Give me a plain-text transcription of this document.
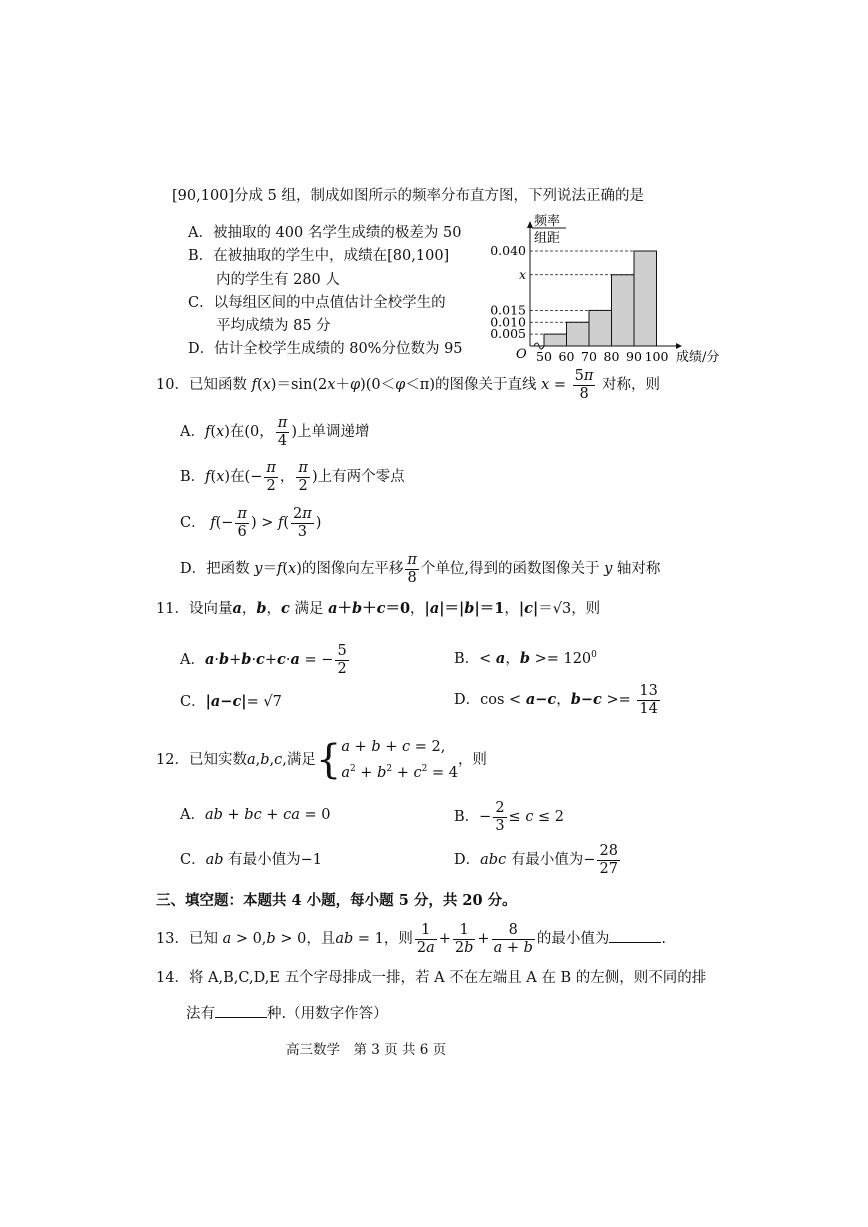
[90,100]分成 5 组，制成如图所示的频率分布直方图，下列说法正确的是
A．被抽取的 400 名学生成绩的极差为 50
B．在被抽取的学生中，成绩在[80,100]
内的学生有 280 人
C．以每组区间的中点值估计全校学生的
平均成绩为 85 分
D．估计全校学生成绩的 80%分位数为 95
频率
组距
成绩/分
O
0.040
x
0.015
0.010
0.005
50 60 70 80 90 100
10．已知函数 f(x)＝sin(2x＋φ)(0＜φ＜π)的图像关于直线 $x = \frac{5\pi}{8}$ 对称，则
A．f(x)在(0， $\frac{\pi}{4}$ )上单调递增
B．f(x)在(− $\frac{\pi}{2}$ ， $\frac{\pi}{2}$ )上有两个零点
C． $f(- \frac{\pi}{6}$ ) > $f( \frac{2\pi}{3}$ )
D．把函数 y＝f(x)的图像向左平移 $\frac{\pi}{8}$ 个单位,得到的函数图像关于 y 轴对称
11．设向量a，b，c 满足 a＋b＋c＝0，|a|＝|b|＝1，|c|＝√3，则
A．a·b+b·c+c·a = − $\frac{5}{2}$	B．< a，$b >= 120^0$
C．|a−c|= √7	D．cos < a−c，$b-c >= \frac{13}{14}$
12．已知实数a,b,c,满足{a + b + c = 2,
$a^2 + b^2 + c^2 = 4$，则
A．ab + bc + ca = 0	B．− $\frac{2}{3} \le c \le 2$
C．ab 有最小值为−1	D．abc 有最小值为− $\frac{28}{27}$
三、填空题：本题共 4 小题，每小题 5 分，共 20 分。
13．已知 a > 0,b > 0，且ab = 1，则 $\frac{1}{2a} + \frac{1}{2b} + \frac{8}{a + b}$ 的最小值为	.
14．将 A,B,C,D,E 五个字母排成一排，若 A 不在左端且 A 在 B 的左侧，则不同的排
法有	种.（用数字作答）
高三数学　第 3 页 共 6 页
